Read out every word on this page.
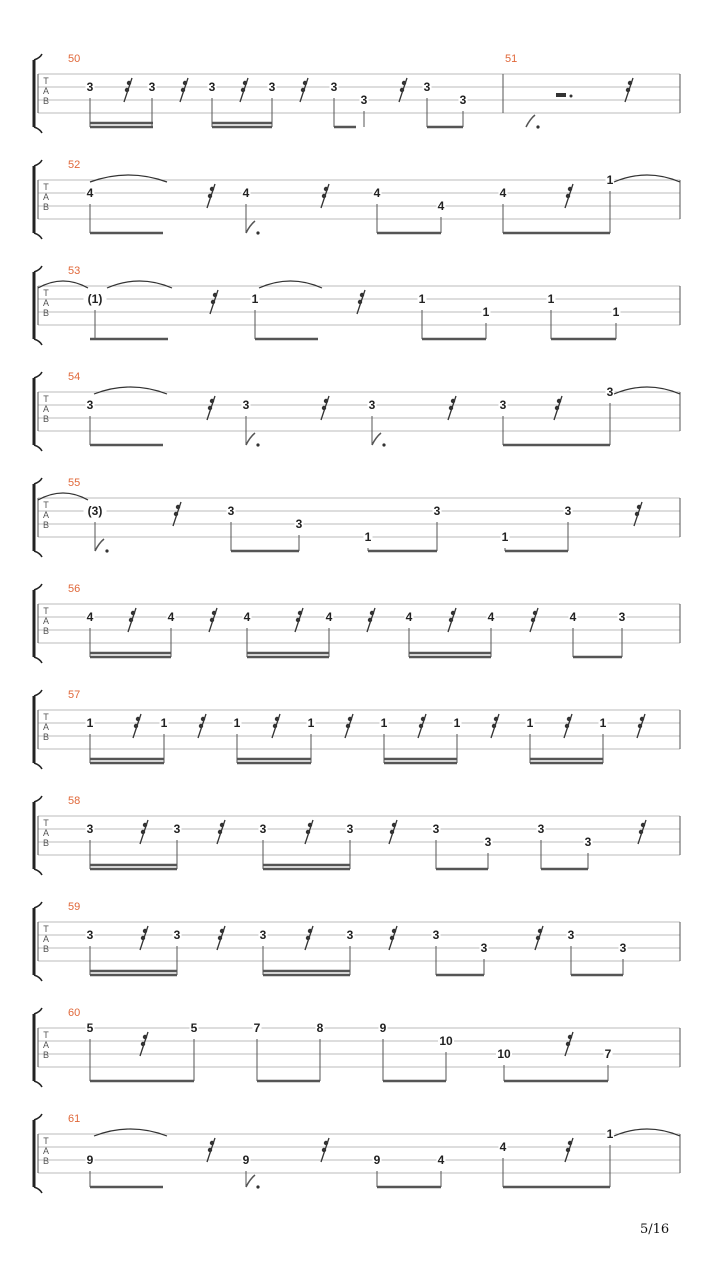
T
A
B
50	51
3	3	3	3	3
3
3
3
T
A
B
52
4	4	4
4
4
1
T
A
B
53
(1)	1	1
1
1
1
T
A
B
54
3	3	3	3
3
T
A
B
55
(3)	3
3
1
3
1
3
T
A
B
56
4	4	4	4	4	4	4	3
T
A
B
57
1	1	1	1	1	1	1	1
T
A
B
58
3	3	3	3	3
3
3
3
T
A
B
59
3	3	3	3	3
3
3
3
T
A
B
60
5	5	7	8	9
10
10	7
T
A
B
61
9	9	9	4
4
1
5/16
